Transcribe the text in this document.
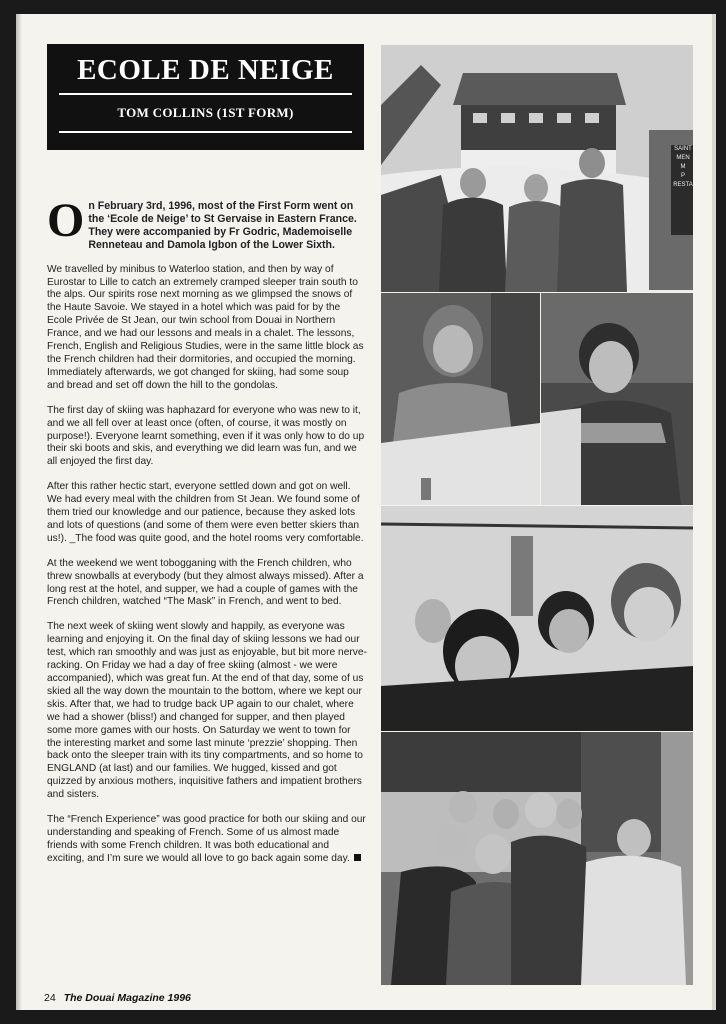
ECOLE DE NEIGE
TOM COLLINS (1ST FORM)

On February 3rd, 1996, most of the First Form went on the ‘Ecole de Neige’ to St Gervaise in Eastern France. They were accompanied by Fr Godric, Mademoiselle Renneteau and Damola Igbon of the Lower Sixth.

We travelled by minibus to Waterloo station, and then by way of Eurostar to Lille to catch an extremely cramped sleeper train south to the alps. Our spirits rose next morning as we glimpsed the snows of the Haute Savoie. We stayed in a hotel which was paid for by the Ecole Privée de St Jean, our twin school from Douai in Northern France, and we had our lessons and meals in a chalet. The lessons, French, English and Religious Studies, were in the same little block as the French children had their dormitories, and occupied the morning. Immediately afterwards, we got changed for skiing, had some soup and bread and set off down the hill to the gondolas.

The first day of skiing was haphazard for everyone who was new to it, and we all fell over at least once (often, of course, it was mostly on purpose!). Everyone learnt something, even if it was only how to do up their ski boots and skis, and everything we did learn was fun, and we all enjoyed the first day.

After this rather hectic start, everyone settled down and got on well. We had every meal with the children from St Jean. We found some of them tried our knowledge and our patience, because they asked lots and lots of questions (and some of them were even better skiers than us!). _The food was quite good, and the hotel rooms very comfortable.

At the weekend we went tobogganing with the French children, who threw snowballs at everybody (but they almost always missed). After a long rest at the hotel, and supper, we had a couple of games with the French children, watched “The Mask” in French, and went to bed.

The next week of skiing went slowly and happily, as everyone was learning and enjoying it. On the final day of skiing lessons we had our test, which ran smoothly and was just as enjoyable, but bit more nerve-racking. On Friday we had a day of free skiing (almost - we were accompanied), which was great fun. At the end of that day, some of us skied all the way down the mountain to the bottom, where we kept our skis. After that, we had to trudge back UP again to our chalet, where we had a shower (bliss!) and changed for supper, and then played some more games with our hosts. On Saturday we went to town for the interesting market and some last minute ‘prezzie’ shopping. Then back onto the sleeper train with its tiny compartments, and so home to ENGLAND (at last) and our families. We hugged, kissed and got quizzed by anxious mothers, inquisitive fathers and impatient brothers and sisters.

The “French Experience” was good practice for both our skiing and our understanding and speaking of French. Some of us almost made friends with some French children. It was both educational and exciting, and I’m sure we would all love to go back again some day.

SAINT
MEN
M
P
RESTA
24 The Douai Magazine 1996
